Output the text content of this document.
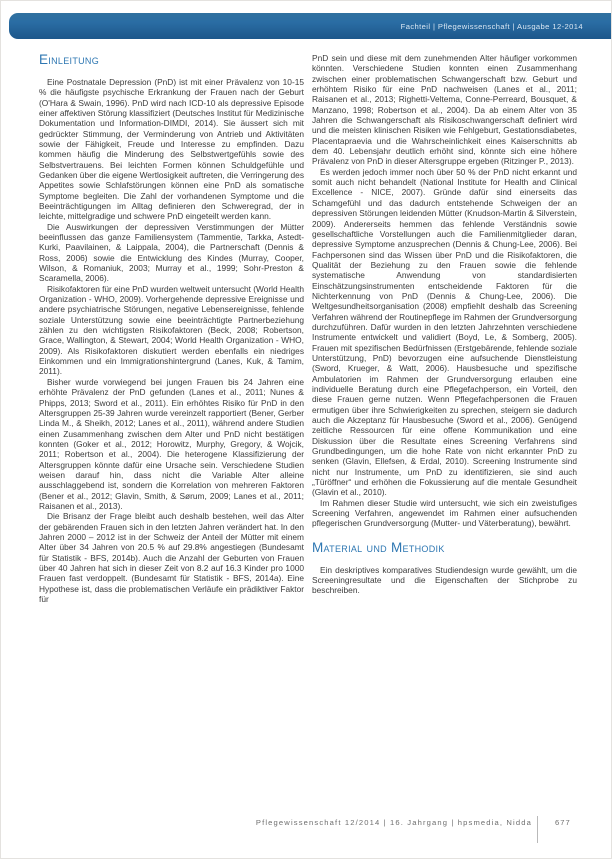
Fachteil | Pflegewissenschaft | Ausgabe 12-2014
Einleitung

Eine Postnatale Depression (PnD) ist mit einer Prävalenz von 10-15 % die häufigste psychische Erkrankung der Frauen nach der Geburt (O'Hara & Swain, 1996). PnD wird nach ICD-10 als depressive Episode einer affektiven Störung klassifiziert (Deutsches Institut für Medizinische Dokumentation und Information-DIMDI, 2014). Sie äussert sich mit gedrückter Stimmung, der Verminderung von Antrieb und Aktivitäten sowie der Fähigkeit, Freude und Interesse zu empfinden. Dazu kommen häufig die Minderung des Selbstwertgefühls sowie des Selbstvertrauens. Bei leichten Formen können Schuldgefühle und Gedanken über die eigene Wertlosigkeit auftreten, die Verringerung des Appetites sowie Schlafstörungen können eine PnD als somatische Symptome begleiten. Die Zahl der vorhandenen Symptome und die Beeinträchtigungen im Alltag definieren den Schweregrad, der in leichte, mittelgradige und schwere PnD eingeteilt werden kann.

Die Auswirkungen der depressiven Verstimmungen der Mütter beeinflussen das ganze Familiensystem (Tammentie, Tarkka, Astedt-Kurki, Paavilainen, & Laippala, 2004), die Partnerschaft (Dennis & Ross, 2006) sowie die Entwicklung des Kindes (Murray, Cooper, Wilson, & Romaniuk, 2003; Murray et al., 1999; Sohr-Preston & Scaramella, 2006).

Risikofaktoren für eine PnD wurden weltweit untersucht (World Health Organization - WHO, 2009). Vorhergehende depressive Ereignisse und andere psychiatrische Störungen, negative Lebensereignisse, fehlende soziale Unterstützung sowie eine beeinträchtigte Partnerbeziehung zählen zu den wichtigsten Risikofaktoren (Beck, 2008; Robertson, Grace, Wallington, & Stewart, 2004; World Health Organization - WHO, 2009). Als Risikofaktoren diskutiert werden ebenfalls ein niedriges Einkommen und ein Immigrationshintergrund (Lanes, Kuk, & Tamim, 2011).

Bisher wurde vorwiegend bei jungen Frauen bis 24 Jahren eine erhöhte Prävalenz der PnD gefunden (Lanes et al., 2011; Nunes & Phipps, 2013; Sword et al., 2011). Ein erhöhtes Risiko für PnD in den Altersgruppen 25-39 Jahren wurde vereinzelt rapportiert (Bener, Gerber Linda M., & Sheikh, 2012; Lanes et al., 2011), während andere Studien einen Zusammenhang zwischen dem Alter und PnD nicht bestätigen konnten (Goker et al., 2012; Horowitz, Murphy, Gregory, & Wojcik, 2011; Robertson et al., 2004). Die heterogene Klassifizierung der Altersgruppen könnte dafür eine Ursache sein. Verschiedene Studien weisen darauf hin, dass nicht die Variable Alter alleine ausschlaggebend ist, sondern die Korrelation von mehreren Faktoren (Bener et al., 2012; Glavin, Smith, & Sørum, 2009; Lanes et al., 2011; Raisanen et al., 2013).

Die Brisanz der Frage bleibt auch deshalb bestehen, weil das Alter der gebärenden Frauen sich in den letzten Jahren verändert hat. In den Jahren 2000 – 2012 ist in der Schweiz der Anteil der Mütter mit einem Alter über 34 Jahren von 20.5 % auf 29.8% angestiegen (Bundesamt für Statistik - BFS, 2014b). Auch die Anzahl der Geburten von Frauen über 40 Jahren hat sich in dieser Zeit von 8.2 auf 16.3 Kinder pro 1000 Frauen fast verdoppelt. (Bundesamt für Statistik - BFS, 2014a). Eine Hypothese ist, dass die problematischen Verläufe ein prädiktiver Faktor für

PnD sein und diese mit dem zunehmenden Alter häufiger vorkommen könnten. Verschiedene Studien konnten einen Zusammenhang zwischen einer problematischen Schwangerschaft bzw. Geburt und erhöhtem Risiko für eine PnD nachweisen (Lanes et al., 2011; Raisanen et al., 2013; Righetti-Veltema, Conne-Perreard, Bousquet, & Manzano, 1998; Robertson et al., 2004). Da ab einem Alter von 35 Jahren die Schwangerschaft als Risikoschwangerschaft definiert wird und die meisten klinischen Risiken wie Fehlgeburt, Gestationsdiabetes, Placentapraevia und die Wahrscheinlichkeit eines Kaiserschnitts ab dem 40. Lebensjahr deutlich erhöht sind, könnte sich eine höhere Prävalenz von PnD in dieser Altersgruppe ergeben (Ritzinger P., 2013).

Es werden jedoch immer noch über 50 % der PnD nicht erkannt und somit auch nicht behandelt (National Institute for Health and Clinical Excellence - NICE, 2007). Gründe dafür sind einerseits das Schamgefühl und das dadurch entstehende Schweigen der an depressiven Störungen leidenden Mütter (Knudson-Martin & Silverstein, 2009). Andererseits hemmen das fehlende Verständnis sowie gesellschaftliche Vorstellungen auch die Familienmitglieder daran, depressive Symptome anzusprechen (Dennis & Chung-Lee, 2006). Bei Fachpersonen sind das Wissen über PnD und die Risikofaktoren, die Qualität der Beziehung zu den Frauen sowie die fehlende systematische Anwendung von standardisierten Einschätzungsinstrumenten entscheidende Faktoren für die Nichterkennung von PnD (Dennis & Chung-Lee, 2006). Die Weltgesundheitsorganisation (2008) empfiehlt deshalb das Screening Verfahren während der Routinepflege im Rahmen der Grundversorgung durchzuführen. Dafür wurden in den letzten Jahrzehnten verschiedene Instrumente entwickelt und validiert (Boyd, Le, & Somberg, 2005). Frauen mit spezifischen Bedürfnissen (Erstgebärende, fehlende soziale Unterstützung, PnD) bevorzugen eine aufsuchende Dienstleistung (Sword, Krueger, & Watt, 2006). Hausbesuche und spezifische Ambulatorien im Rahmen der Grundversorgung erlauben eine individuelle Beratung durch eine Pflegefachperson, ein Vorteil, den diese Frauen gerne nutzen. Wenn Pflegefachpersonen die Frauen ermutigen über ihre Schwierigkeiten zu sprechen, steigern sie dadurch auch die Akzeptanz für Hausbesuche (Sword et al., 2006). Genügend zeitliche Ressourcen für eine offene Kommunikation und eine Diskussion über die Resultate eines Screening Verfahrens sind Grundbedingungen, um die hohe Rate von nicht erkannter PnD zu senken (Glavin, Ellefsen, & Erdal, 2010). Screening Instrumente sind nicht nur Instrumente, um PnD zu identifizieren, sie sind auch „Türöffner“ und erhöhen die Fokussierung auf die mentale Gesundheit (Glavin et al., 2010).

Im Rahmen dieser Studie wird untersucht, wie sich ein zweistufiges Screening Verfahren, angewendet im Rahmen einer aufsuchenden pflegerischen Grundversorgung (Mutter- und Väterberatung), bewährt.

Material und Methodik

Ein deskriptives komparatives Studiendesign wurde gewählt, um die Screeningresultate und die Eigenschaften der Stichprobe zu beschreiben.

Pflegewissenschaft 12/2014 | 16. Jahrgang | hpsmedia, Nidda	677
